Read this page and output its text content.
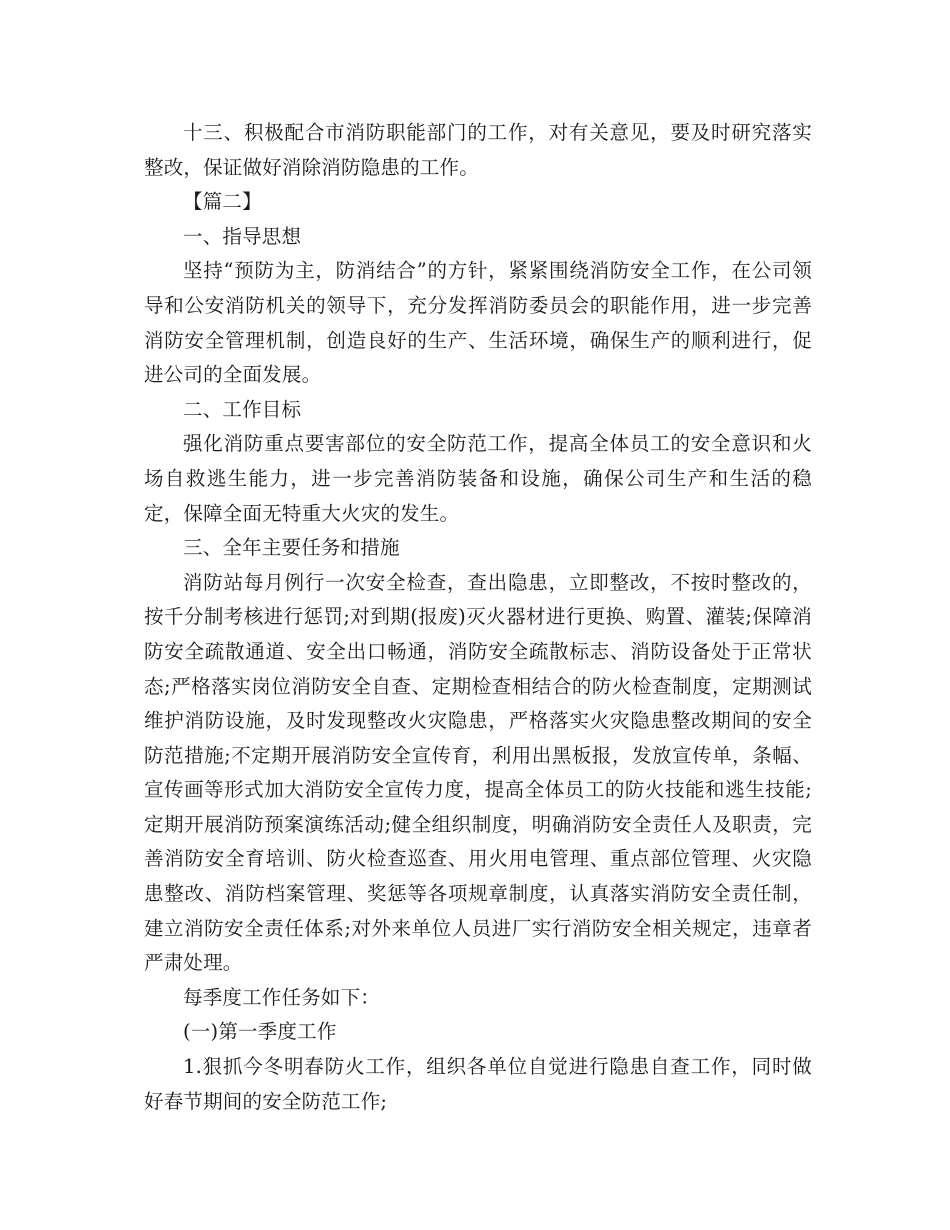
十三、积极配合市消防职能部门的工作，对有关意见，要及时研究落实整改，保证做好消除消防隐患的工作。

【篇二】

一、指导思想

坚持“预防为主，防消结合”的方针，紧紧围绕消防安全工作，在公司领导和公安消防机关的领导下，充分发挥消防委员会的职能作用，进一步完善消防安全管理机制，创造良好的生产、生活环境，确保生产的顺利进行，促进公司的全面发展。

二、工作目标

强化消防重点要害部位的安全防范工作，提高全体员工的安全意识和火场自救逃生能力，进一步完善消防装备和设施，确保公司生产和生活的稳定，保障全面无特重大火灾的发生。

三、全年主要任务和措施

消防站每月例行一次安全检查，查出隐患，立即整改，不按时整改的，按千分制考核进行惩罚;对到期(报废)灭火器材进行更换、购置、灌装;保障消防安全疏散通道、安全出口畅通，消防安全疏散标志、消防设备处于正常状态;严格落实岗位消防安全自查、定期检查相结合的防火检查制度，定期测试维护消防设施，及时发现整改火灾隐患，严格落实火灾隐患整改期间的安全防范措施;不定期开展消防安全宣传育，利用出黑板报，发放宣传单，条幅、宣传画等形式加大消防安全宣传力度，提高全体员工的防火技能和逃生技能;定期开展消防预案演练活动;健全组织制度，明确消防安全责任人及职责，完善消防安全育培训、防火检查巡查、用火用电管理、重点部位管理、火灾隐患整改、消防档案管理、奖惩等各项规章制度，认真落实消防安全责任制，建立消防安全责任体系;对外来单位人员进厂实行消防安全相关规定，违章者严肃处理。

每季度工作任务如下：

(一)第一季度工作

1.狠抓今冬明春防火工作，组织各单位自觉进行隐患自查工作，同时做好春节期间的安全防范工作;
